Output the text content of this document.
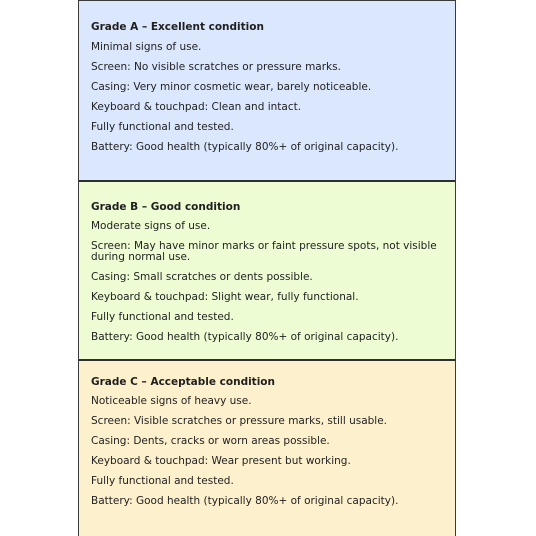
Grade A – Excellent condition
Minimal signs of use.
Screen: No visible scratches or pressure marks.
Casing: Very minor cosmetic wear, barely noticeable.
Keyboard & touchpad: Clean and intact.
Fully functional and tested.
Battery: Good health (typically 80%+ of original capacity).
Grade B – Good condition
Moderate signs of use.
Screen: May have minor marks or faint pressure spots, not visible during normal use.
Casing: Small scratches or dents possible.
Keyboard & touchpad: Slight wear, fully functional.
Fully functional and tested.
Battery: Good health (typically 80%+ of original capacity).
Grade C – Acceptable condition
Noticeable signs of heavy use.
Screen: Visible scratches or pressure marks, still usable.
Casing: Dents, cracks or worn areas possible.
Keyboard & touchpad: Wear present but working.
Fully functional and tested.
Battery: Good health (typically 80%+ of original capacity).
